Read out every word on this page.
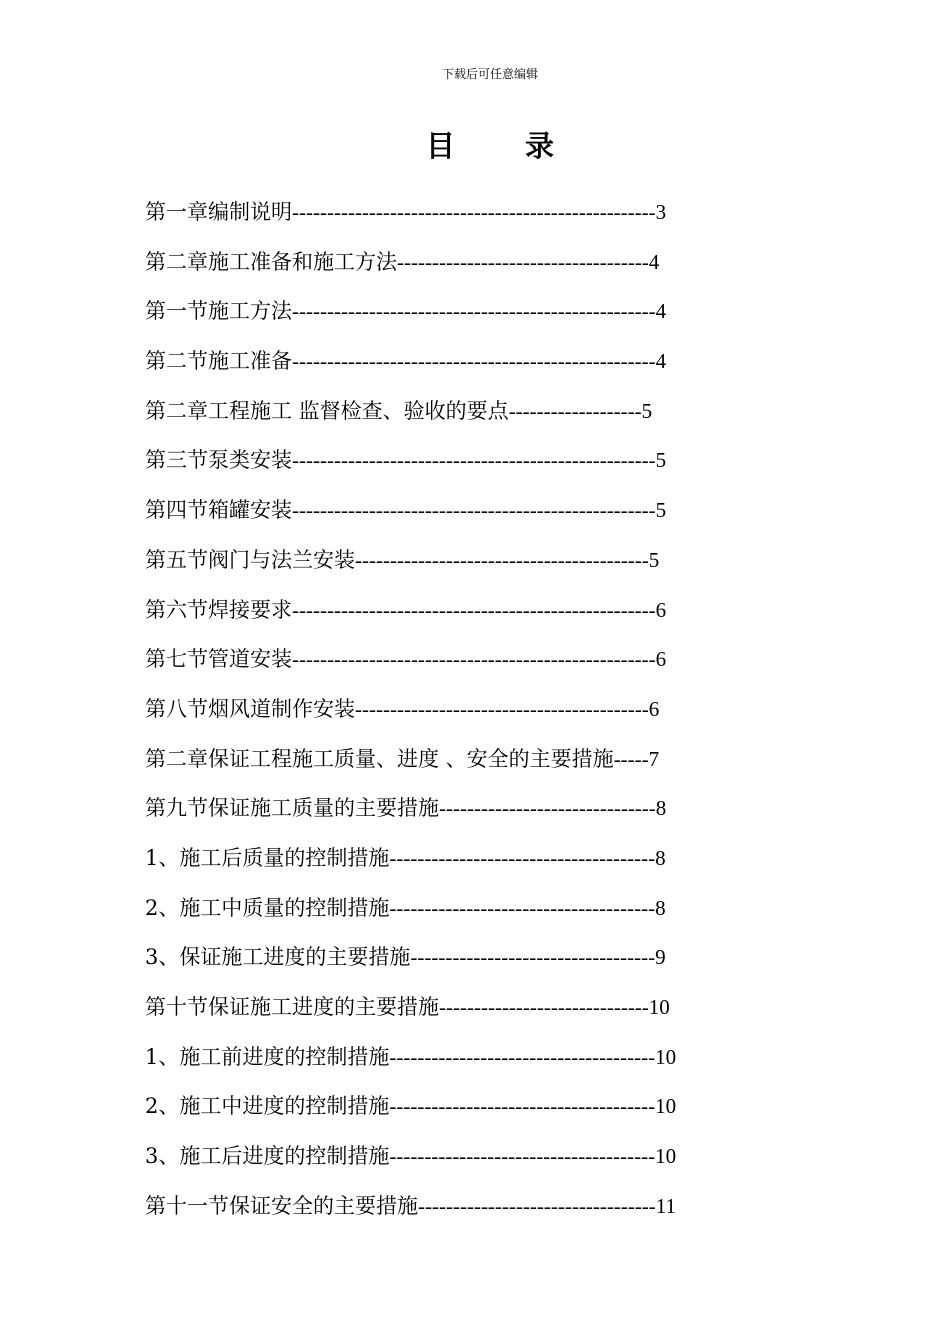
下载后可任意编辑
目 录
第一章编制说明----------------------------------------------------3
第二章施工准备和施工方法------------------------------------4
第一节施工方法----------------------------------------------------4
第二节施工准备----------------------------------------------------4
第二章工程施工 监督检查、验收的要点-------------------5
第三节泵类安装----------------------------------------------------5
第四节箱罐安装----------------------------------------------------5
第五节阀门与法兰安装------------------------------------------5
第六节焊接要求----------------------------------------------------6
第七节管道安装----------------------------------------------------6
第八节烟风道制作安装------------------------------------------6
第二章保证工程施工质量、进度 、安全的主要措施-----7
第九节保证施工质量的主要措施-------------------------------8
1、施工后质量的控制措施--------------------------------------8
2、施工中质量的控制措施--------------------------------------8
3、保证施工进度的主要措施-----------------------------------9
第十节保证施工进度的主要措施------------------------------10
1、施工前进度的控制措施--------------------------------------10
2、施工中进度的控制措施--------------------------------------10
3、施工后进度的控制措施--------------------------------------10
第十一节保证安全的主要措施----------------------------------11
